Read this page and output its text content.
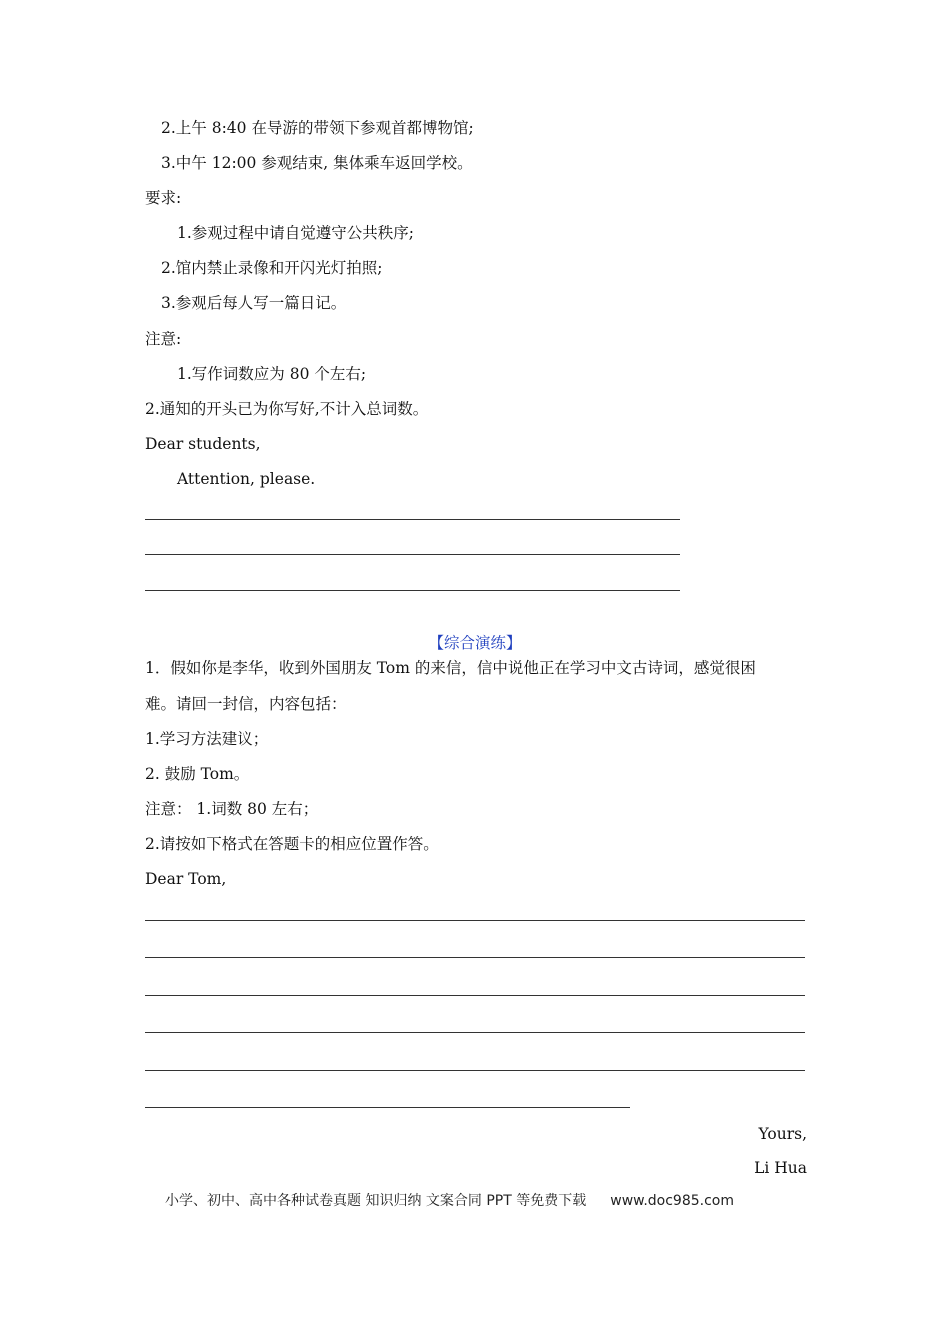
2.上午 8:40 在导游的带领下参观首都博物馆;
3.中午 12:00 参观结束, 集体乘车返回学校。
要求:
1.参观过程中请自觉遵守公共秩序;
2.馆内禁止录像和开闪光灯拍照;
3.参观后每人写一篇日记。
注意:
1.写作词数应为 80 个左右;
2.通知的开头已为你写好,不计入总词数。
Dear students,
Attention, please.
【综合演练】
1．假如你是李华，收到外国朋友 Tom 的来信，信中说他正在学习中文古诗词，感觉很困
难。请回一封信，内容包括：
1.学习方法建议；
2. 鼓励 Tom。
注意： 1.词数 80 左右；
2.请按如下格式在答题卡的相应位置作答。
Dear Tom,
Yours,
Li Hua
小学、初中、高中各种试卷真题 知识归纳 文案合同 PPT 等免费下载 www.doc985.com
